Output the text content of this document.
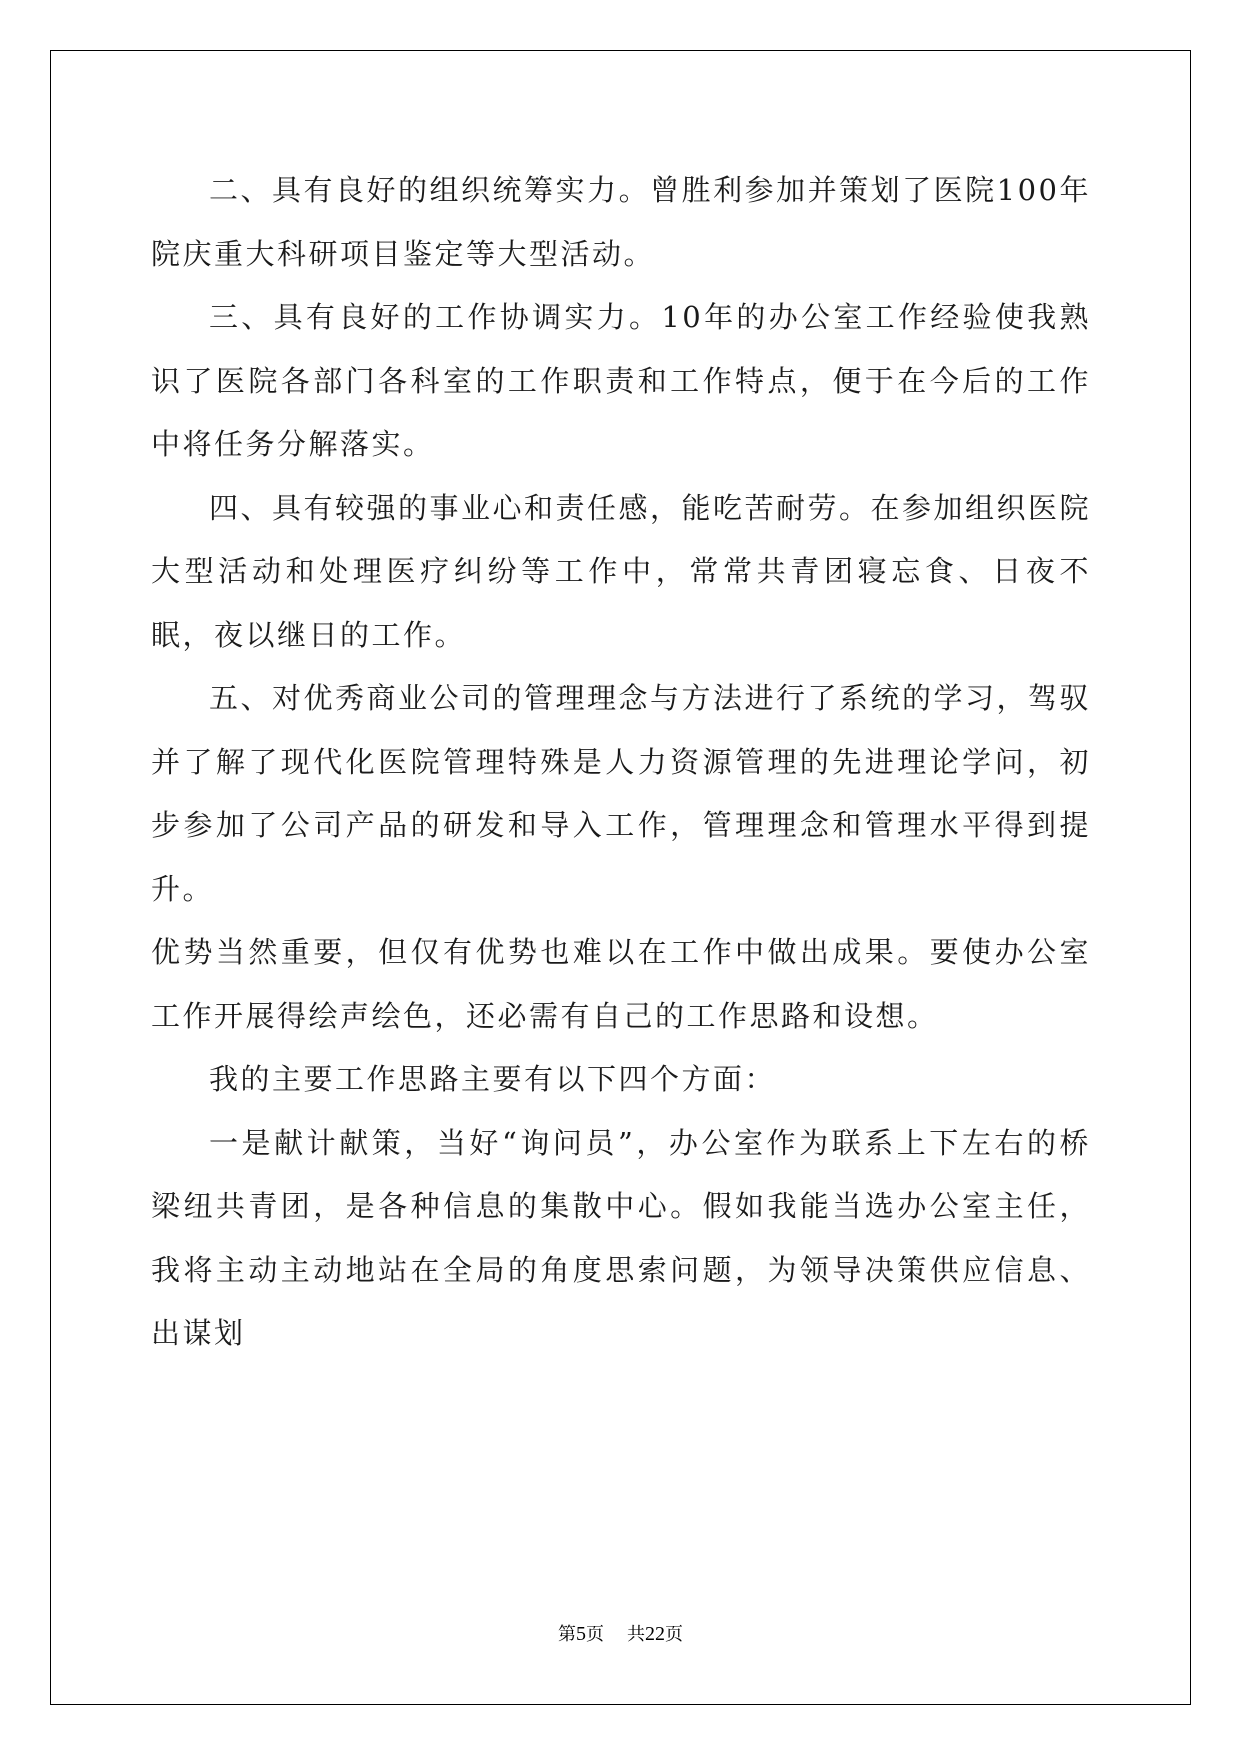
二、具有良好的组织统筹实力。曾胜利参加并策划了医院100年院庆重大科研项目鉴定等大型活动。

三、具有良好的工作协调实力。10年的办公室工作经验使我熟识了医院各部门各科室的工作职责和工作特点，便于在今后的工作中将任务分解落实。

四、具有较强的事业心和责任感，能吃苦耐劳。在参加组织医院大型活动和处理医疗纠纷等工作中，常常共青团寝忘食、日夜不眠，夜以继日的工作。

五、对优秀商业公司的管理理念与方法进行了系统的学习，驾驭并了解了现代化医院管理特殊是人力资源管理的先进理论学问，初步参加了公司产品的研发和导入工作，管理理念和管理水平得到提升。

优势当然重要，但仅有优势也难以在工作中做出成果。要使办公室工作开展得绘声绘色，还必需有自己的工作思路和设想。

我的主要工作思路主要有以下四个方面：

一是献计献策，当好“询问员”，办公室作为联系上下左右的桥梁纽共青团，是各种信息的集散中心。假如我能当选办公室主任，我将主动主动地站在全局的角度思索问题，为领导决策供应信息、出谋划

第5页 共22页
